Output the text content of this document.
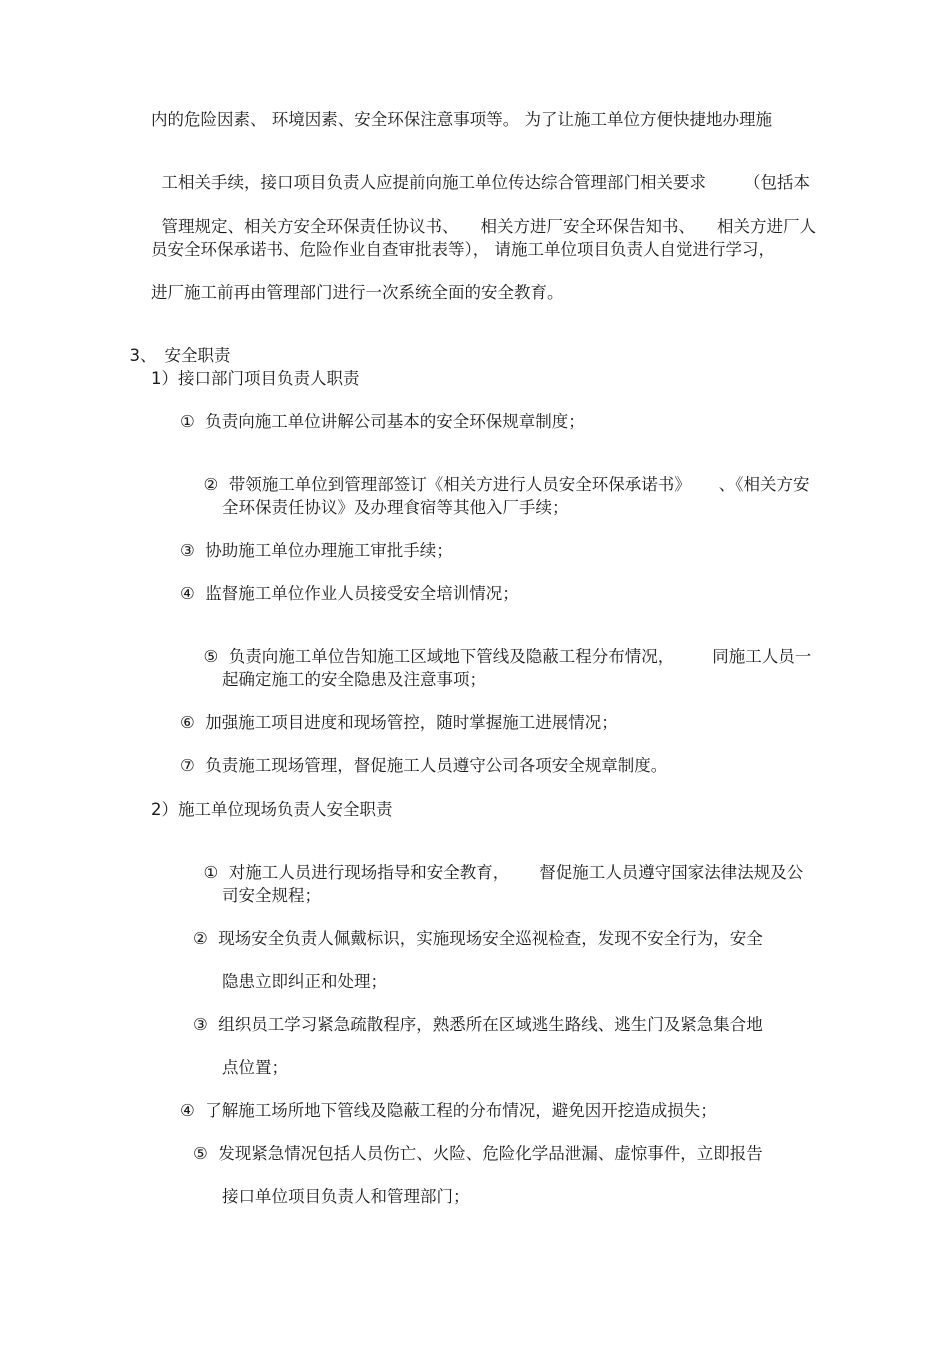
内的危险因素、 环境因素、安全环保注意事项等。 为了让施工单位方便快捷地办理施

工相关手续，接口项目负责人应提前向施工单位传达综合管理部门相关要求 （包括本

管理规定、相关方安全环保责任协议书、 相关方进厂安全环保告知书、 相关方进厂人

员安全环保承诺书、危险作业自查审批表等）， 请施工单位项目负责人自觉进行学习，
进厂施工前再由管理部门进行一次系统全面的安全教育。

3、 安全职责

1）接口部门项目负责人职责
①  负责向施工单位讲解公司基本的安全环保规章制度；

②  带领施工单位到管理部签订《相关方进行人员安全环保承诺书》 、《相关方安

全环保责任协议》及办理食宿等其他入厂手续；
③  协助施工单位办理施工审批手续；
④  监督施工单位作业人员接受安全培训情况；

⑤  负责向施工单位告知施工区域地下管线及隐蔽工程分布情况， 同施工人员一

起确定施工的安全隐患及注意事项；
⑥  加强施工项目进度和现场管控，随时掌握施工进展情况；
⑦  负责施工现场管理，督促施工人员遵守公司各项安全规章制度。
2）施工单位现场负责人安全职责

①  对施工人员进行现场指导和安全教育， 督促施工人员遵守国家法律法规及公

司安全规程；
②  现场安全负责人佩戴标识，实施现场安全巡视检查，发现不安全行为，安全
隐患立即纠正和处理；
③  组织员工学习紧急疏散程序，熟悉所在区域逃生路线、逃生门及紧急集合地
点位置；
④  了解施工场所地下管线及隐蔽工程的分布情况，避免因开挖造成损失；
⑤  发现紧急情况包括人员伤亡、火险、危险化学品泄漏、虚惊事件，立即报告
接口单位项目负责人和管理部门；
